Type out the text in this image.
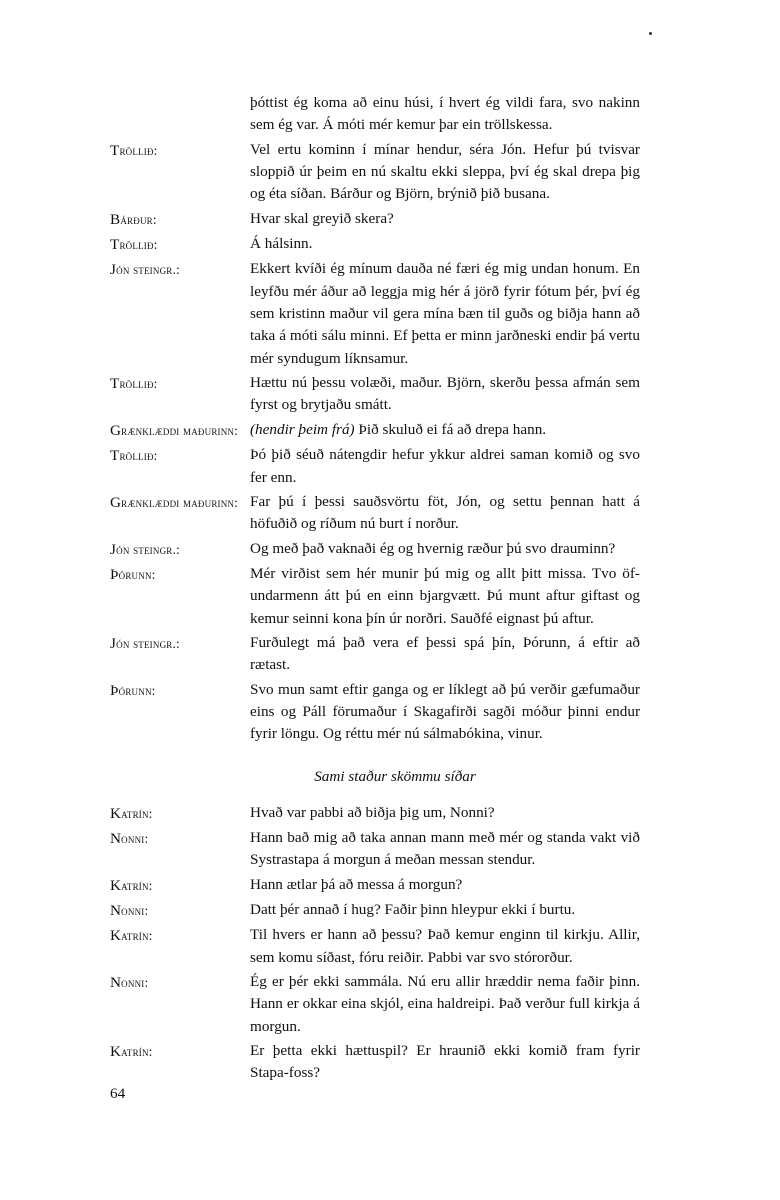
þóttist ég koma að einu húsi, í hvert ég vildi fara, svo nakinn sem ég var. Á móti mér kemur þar ein tröllskessa.

Tröllið:	Vel ertu kominn í mínar hendur, séra Jón. Hefur þú tvisvar sloppið úr þeim en nú skaltu ekki sleppa, því ég skal drepa þig og éta síðan. Bárður og Björn, brýnið þið busana.
Bárður:	Hvar skal greyið skera?
Tröllið:	Á hálsinn.
Jón steingr.:	Ekkert kvíði ég mínum dauða né færi ég mig undan honum. En leyfðu mér áður að leggja mig hér á jörð fyrir fótum þér, því ég sem kristinn maður vil gera mína bæn til guðs og biðja hann að taka á móti sálu minni. Ef þetta er minn jarðneski endir þá vertu mér syndugum líknsamur.
Tröllið:	Hættu nú þessu volæði, maður. Björn, skerðu þessa afmán sem fyrst og brytjaðu smátt.
Grænklæddi maðurinn: (hendir þeim frá) Þið skuluð ei fá að drepa hann.
Tröllið:	Þó þið séuð nátengdir hefur ykkur aldrei saman komið og svo fer enn.
Grænklæddi maðurinn: Far þú í þessi sauðsvörtu föt, Jón, og settu þennan hatt á höfuðið og ríðum nú burt í norður.
Jón steingr.:	Og með það vaknaði ég og hvernig ræður þú svo drauminn?
Þórunn:	Mér virðist sem hér munir þú mig og allt þitt missa. Tvo öf-undarmenn átt þú en einn bjargvætt. Þú munt aftur giftast og kemur seinni kona þín úr norðri. Sauðfé eignast þú aftur.
Jón steingr.:	Furðulegt má það vera ef þessi spá þín, Þórunn, á eftir að rætast.
Þórunn:	Svo mun samt eftir ganga og er líklegt að þú verðir gæfumaður eins og Páll förumaður í Skagafirði sagði móður þinni endur fyrir löngu. Og réttu mér nú sálmabókina, vinur.
Sami staður skömmu síðar
Katrín:	Hvað var pabbi að biðja þig um, Nonni?
Nonni:	Hann bað mig að taka annan mann með mér og standa vakt við Systrastapa á morgun á meðan messan stendur.
Katrín:	Hann ætlar þá að messa á morgun?
Nonni:	Datt þér annað í hug? Faðir þinn hleypur ekki í burtu.
Katrín:	Til hvers er hann að þessu? Það kemur enginn til kirkju. Allir, sem komu síðast, fóru reiðir. Pabbi var svo stórorður.
Nonni:	Ég er þér ekki sammála. Nú eru allir hræddir nema faðir þinn. Hann er okkar eina skjól, eina haldreipi. Það verður full kirkja á morgun.
Katrín:	Er þetta ekki hættuspil? Er hraunið ekki komið fram fyrir Stapa-foss?
64
